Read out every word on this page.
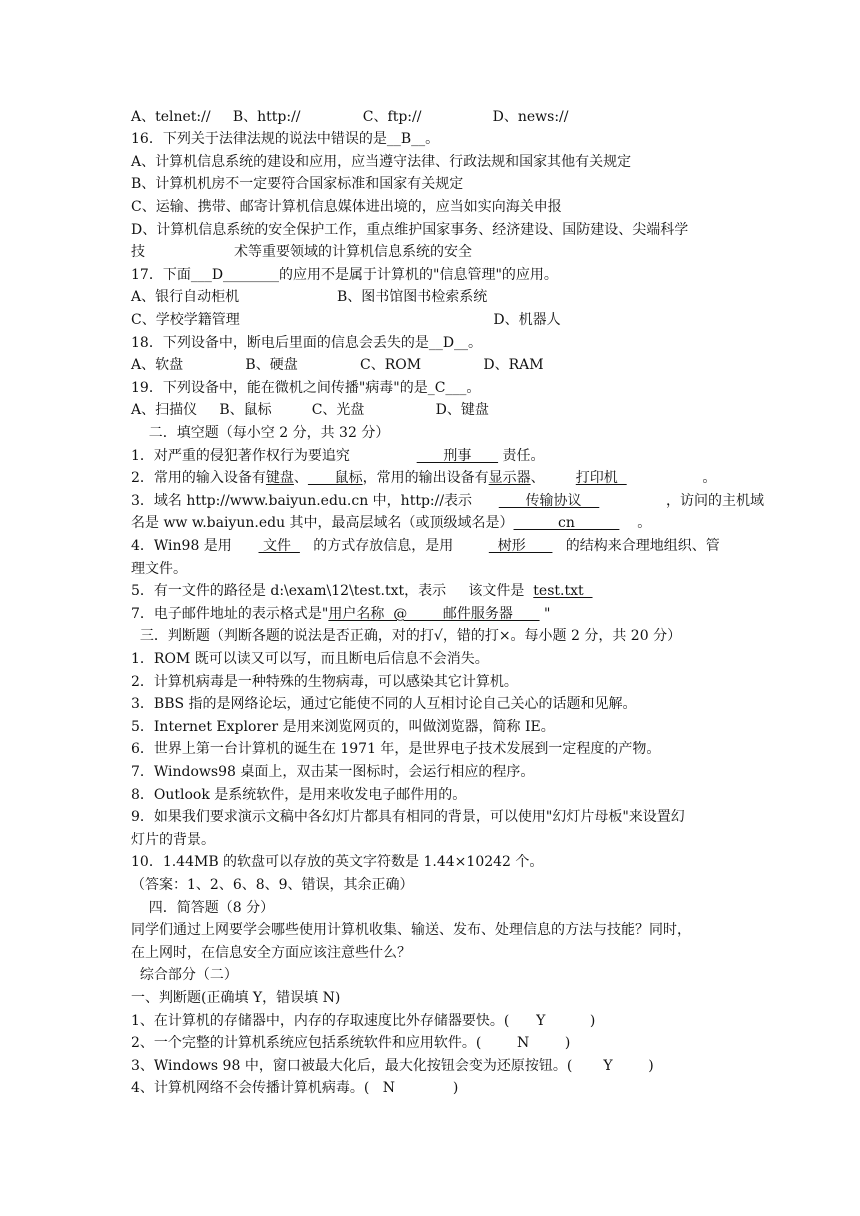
A、telnet://     B、http://              C、ftp://                D、news://
16．下列关于法律法规的说法中错误的是__B__。
A、计算机信息系统的建设和应用，应当遵守法律、行政法规和国家其他有关规定
B、计算机机房不一定要符合国家标准和国家有关规定
C、运输、携带、邮寄计算机信息媒体进出境的，应当如实向海关申报
D、计算机信息系统的安全保护工作，重点维护国家事务、经济建设、国防建设、尖端科学
技                    术等重要领域的计算机信息系统的安全
17．下面___D________的应用不是属于计算机的"信息管理"的应用。
A、银行自动柜机                      B、图书馆图书检索系统
C、学校学籍管理                                                         D、机器人
18．下列设备中，断电后里面的信息会丢失的是__D__。
A、软盘              B、硬盘              C、ROM              D、RAM
19．下列设备中，能在微机之间传播"病毒"的是_C___。
A、扫描仪     B、鼠标         C、光盘                D、键盘
二．填空题（每小空 2 分，共 32 分）
1．对严重的侵犯著作权行为要追究                     刑事       责任。
2．常用的输入设备有键盘、      鼠标，常用的输出设备有显示器、       打印机                   。
3．域名 http://www.baiyun.edu.cn 中，http://表示            传输协议                   ，访问的主机域
名是 ww w.baiyun.edu 其中，最高层域名（或顶级域名是）          cn              。
4．Win98 是用       文件     的方式存放信息，是用          树形         的结构来合理地组织、管
理文件。
5．有一文件的路径是 d:\exam\12\test.txt，表示     该文件是  test.txt
7．电子邮件地址的表示格式是"用户名称  @        邮件服务器       "
三．判断题（判断各题的说法是否正确，对的打√，错的打×。每小题 2 分，共 20 分）
1．ROM 既可以读又可以写，而且断电后信息不会消失。
2．计算机病毒是一种特殊的生物病毒，可以感染其它计算机。
3．BBS 指的是网络论坛，通过它能使不同的人互相讨论自己关心的话题和见解。
5．Internet Explorer 是用来浏览网页的，叫做浏览器，简称 IE。
6．世界上第一台计算机的诞生在 1971 年，是世界电子技术发展到一定程度的产物。
7．Windows98 桌面上，双击某一图标时，会运行相应的程序。
8．Outlook 是系统软件，是用来收发电子邮件用的。
9．如果我们要求演示文稿中各幻灯片都具有相同的背景，可以使用"幻灯片母板"来设置幻
灯片的背景。
10．1.44MB 的软盘可以存放的英文字符数是 1.44×10242 个。
（答案：1、2、6、8、9、错误，其余正确）
四．简答题（8 分）
同学们通过上网要学会哪些使用计算机收集、输送、发布、处理信息的方法与技能？同时，
在上网时，在信息安全方面应该注意些什么？
综合部分（二）
一、判断题(正确填 Y，错误填 N)
1、在计算机的存储器中，内存的存取速度比外存储器要快。(      Y          )
2、一个完整的计算机系统应包括系统软件和应用软件。(        N        )
3、Windows 98 中，窗口被最大化后，最大化按钮会变为还原按钮。(       Y        )
4、计算机网络不会传播计算机病毒。(   N             )
